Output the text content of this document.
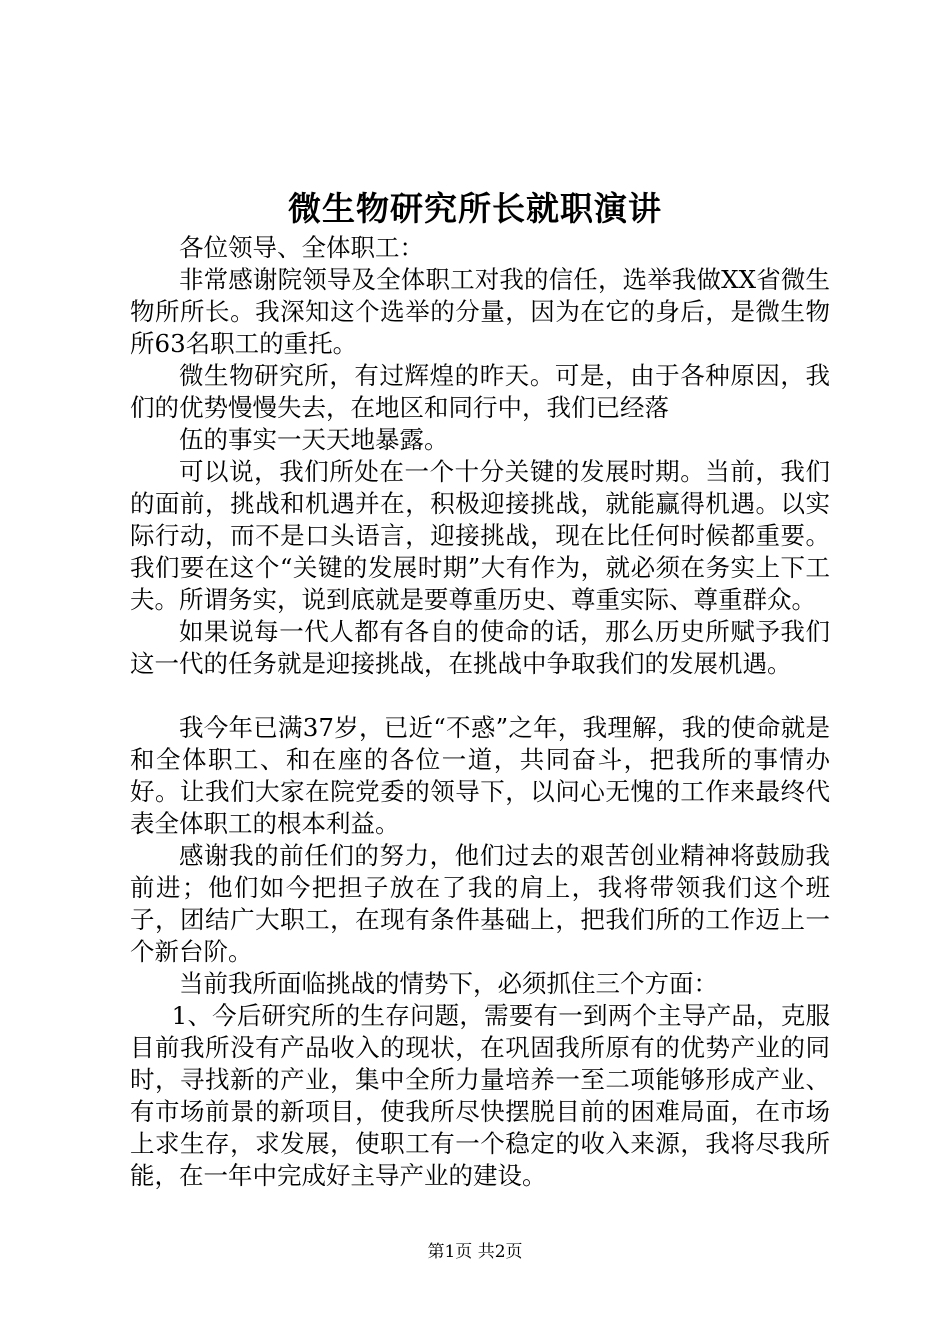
微生物研究所长就职演讲

各位领导、全体职工：

非常感谢院领导及全体职工对我的信任，选举我做XX省微生物所所长。我深知这个选举的分量，因为在它的身后，是微生物所63名职工的重托。

微生物研究所，有过辉煌的昨天。可是，由于各种原因，我们的优势慢慢失去，在地区和同行中，我们已经落

伍的事实一天天地暴露。

可以说，我们所处在一个十分关键的发展时期。当前，我们的面前，挑战和机遇并在，积极迎接挑战，就能赢得机遇。以实际行动，而不是口头语言，迎接挑战，现在比任何时候都重要。我们要在这个“关键的发展时期”大有作为，就必须在务实上下工夫。所谓务实，说到底就是要尊重历史、尊重实际、尊重群众。

如果说每一代人都有各自的使命的话，那么历史所赋予我们这一代的任务就是迎接挑战，在挑战中争取我们的发展机遇。

我今年已满37岁，已近“不惑”之年，我理解，我的使命就是和全体职工、和在座的各位一道，共同奋斗，把我所的事情办好。让我们大家在院党委的领导下，以问心无愧的工作来最终代表全体职工的根本利益。

感谢我的前任们的努力，他们过去的艰苦创业精神将鼓励我前进；他们如今把担子放在了我的肩上，我将带领我们这个班子，团结广大职工，在现有条件基础上，把我们所的工作迈上一个新台阶。

当前我所面临挑战的情势下，必须抓住三个方面：

1、今后研究所的生存问题，需要有一到两个主导产品，克服目前我所没有产品收入的现状，在巩固我所原有的优势产业的同时，寻找新的产业，集中全所力量培养一至二项能够形成产业、有市场前景的新项目，使我所尽快摆脱目前的困难局面，在市场上求生存，求发展，使职工有一个稳定的收入来源，我将尽我所能，在一年中完成好主导产业的建设。

第1页 共2页
